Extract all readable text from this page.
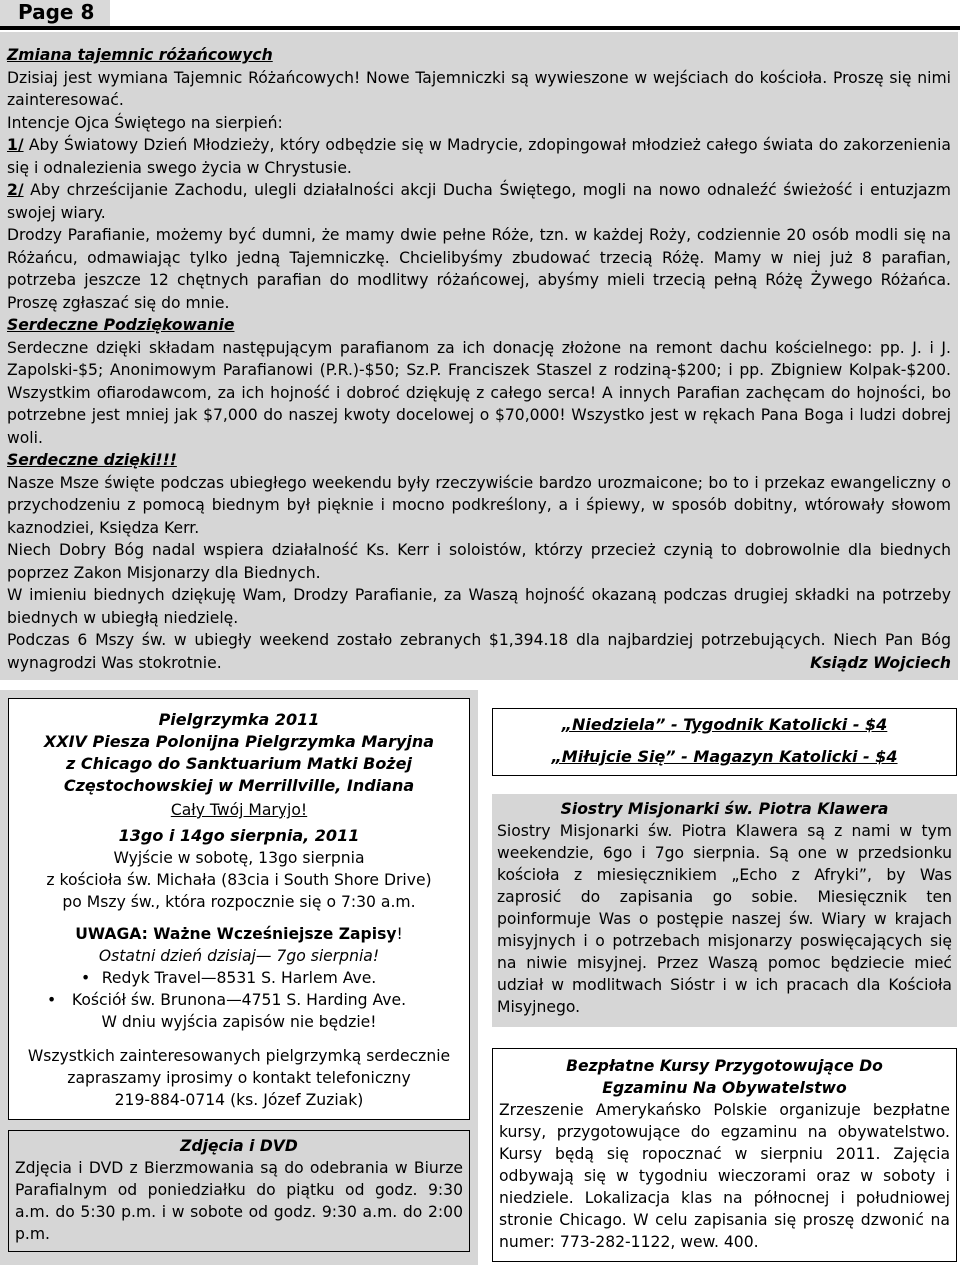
Page 8

Zmiana tajemnic różańcowych

Dzisiaj jest wymiana Tajemnic Różańcowych! Nowe Tajemniczki są wywieszone w wejściach do kościoła. Proszę się nimi zainteresować.

Intencje Ojca Świętego na sierpień:

1/ Aby Światowy Dzień Młodzieży, który odbędzie się w Madrycie, zdopingował młodzież całego świata do zakorzenienia się i odnalezienia swego życia w Chrystusie.

2/ Aby chrześcijanie Zachodu, ulegli działalności akcji Ducha Świętego, mogli na nowo odnaleźć świeżość i entuzjazm swojej wiary.

Drodzy Parafianie, możemy być dumni, że mamy dwie pełne Róże, tzn. w każdej Roży, codziennie 20 osób modli się na Różańcu, odmawiając tylko jedną Tajemniczkę. Chcielibyśmy zbudować trzecią Różę. Mamy w niej już 8 parafian, potrzeba jeszcze 12 chętnych parafian do modlitwy różańcowej, abyśmy mieli trzecią pełną Różę Żywego Różańca. Proszę zgłaszać się do mnie.

Serdeczne Podziękowanie

Serdeczne dzięki składam następującym parafianom za ich donację złożone na remont dachu kościelnego: pp. J. i J. Zapolski-$5; Anonimowym Parafianowi (P.R.)-$50; Sz.P. Franciszek Staszel z rodziną-$200; i pp. Zbigniew Kolpak-$200. Wszystkim ofiarodawcom, za ich hojność i dobroć dziękuję z całego serca! A innych Parafian zachęcam do hojności, bo potrzebne jest mniej jak $7,000 do naszej kwoty docelowej o $70,000! Wszystko jest w rękach Pana Boga i ludzi dobrej woli.

Serdeczne dzięki!!!

Nasze Msze święte podczas ubiegłego weekendu były rzeczywiście bardzo urozmaicone; bo to i przekaz ewangeliczny o przychodzeniu z pomocą biednym był pięknie i mocno podkreślony, a i śpiewy, w sposób dobitny, wtórowały słowom kaznodziei, Księdza Kerr.

Niech Dobry Bóg nadal wspiera działalność Ks. Kerr i soloistów, którzy przecież czynią to dobrowolnie dla biednych poprzez Zakon Misjonarzy dla Biednych.

W imieniu biednych dziękuję Wam, Drodzy Parafianie, za Waszą hojność okazaną podczas drugiej składki na potrzeby biednych w ubiegłą niedzielę.

Podczas 6 Mszy św. w ubiegły weekend zostało zebranych $1,394.18 dla najbardziej potrzebujących. Niech Pan Bóg wynagrodzi Was stokrotnie.	Ksiądz Wojciech

Pielgrzymka 2011

XXIV Piesza Polonijna Pielgrzymka Maryjna

z Chicago do Sanktuarium Matki Bożej

Częstochowskiej w Merrillville, Indiana

Cały Twój Maryjo!

13go i 14go sierpnia, 2011

Wyjście w sobotę, 13go sierpnia

z kościoła św. Michała (83cia i South Shore Drive)

po Mszy św., która rozpocznie się o 7:30 a.m.

UWAGA: Ważne Wcześniejsze Zapisy!

Ostatni dzień dzisiaj— 7go sierpnia!

• Redyk Travel—8531 S. Harlem Ave.
• Kościół św. Brunona—4751 S. Harding Ave.

W dniu wyjścia zapisów nie będzie!

Wszystkich zainteresowanych pielgrzymką serdecznie

zapraszamy iprosimy o kontakt telefoniczny

219-884-0714 (ks. Józef Zuziak)

Zdjęcia i DVD
Zdjęcia i DVD z Bierzmowania są do odebrania w Biurze Parafialnym od poniedziałku do piątku od godz. 9:30 a.m. do 5:30 p.m. i w sobote od godz. 9:30 a.m. do 2:00 p.m.

„Niedziela” - Tygodnik Katolicki - $4

„Miłujcie Się” - Magazyn Katolicki - $4

Siostry Misjonarki św. Piotra Klawera
Siostry Misjonarki św. Piotra Klawera są z nami w tym weekendzie, 6go i 7go sierpnia. Są one w przedsionku kościoła z miesięcznikiem „Echo z Afryki”, by Was zaprosić do zapisania go sobie. Miesięcznik ten poinformuje Was o postępie naszej św. Wiary w krajach misyjnych i o potrzebach misjonarzy poswięcających się na niwie misyjnej. Przez Waszą pomoc będziecie mieć udział w modlitwach Sióstr i w ich pracach dla Kościoła Misyjnego.
Bezpłatne Kursy Przygotowujące Do
Egzaminu Na Obywatelstwo
Zrzeszenie Amerykańsko Polskie organizuje bezpłatne kursy, przygotowujące do egzaminu na obywatelstwo. Kursy będą się ropocznać w sierpniu 2011. Zajęcia odbywają się w tygodniu wieczorami oraz w soboty i niedziele. Lokalizacja klas na północnej i południowej stronie Chicago. W celu zapisania się proszę dzwonić na numer: 773-282-1122, wew. 400.
